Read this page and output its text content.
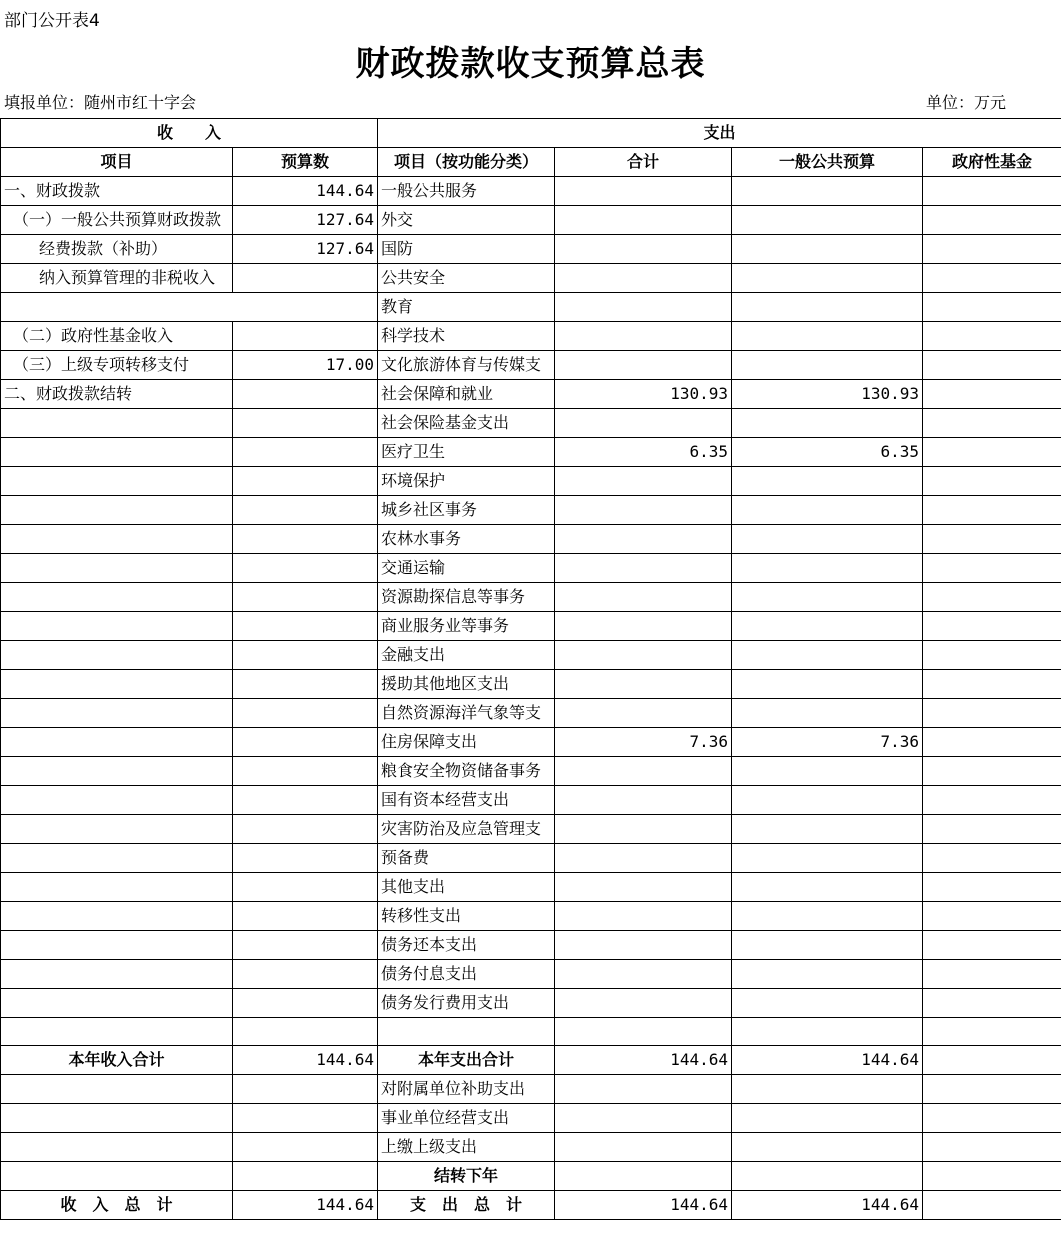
部门公开表4
财政拨款收支预算总表
填报单位：随州市红十字会	单位：万元
收　　入		支出			
项目	预算数	项目（按功能分类）	合计	一般公共预算	政府性基金
一、财政拨款	144.64	一般公共服务			
（一）一般公共预算财政拨款	127.64	外交			
经费拨款（补助）	127.64	国防			
纳入预算管理的非税收入		公共安全			
		教育			
（二）政府性基金收入		科学技术			
（三）上级专项转移支付	17.00	文化旅游体育与传媒支			
二、财政拨款结转		社会保障和就业	130.93	130.93	
		社会保险基金支出			
		医疗卫生	6.35	6.35	
		环境保护			
		城乡社区事务			
		农林水事务			
		交通运输			
		资源勘探信息等事务			
		商业服务业等事务			
		金融支出			
		援助其他地区支出			
		自然资源海洋气象等支			
		住房保障支出	7.36	7.36	
		粮食安全物资储备事务			
		国有资本经营支出			
		灾害防治及应急管理支			
		预备费			
		其他支出			
		转移性支出			
		债务还本支出			
		债务付息支出			
		债务发行费用支出			

本年收入合计	144.64	本年支出合计	144.64	144.64	
		对附属单位补助支出			
		事业单位经营支出			
		上缴上级支出			
		结转下年			
收　入　总　计	144.64	支　出　总　计	144.64	144.64	
